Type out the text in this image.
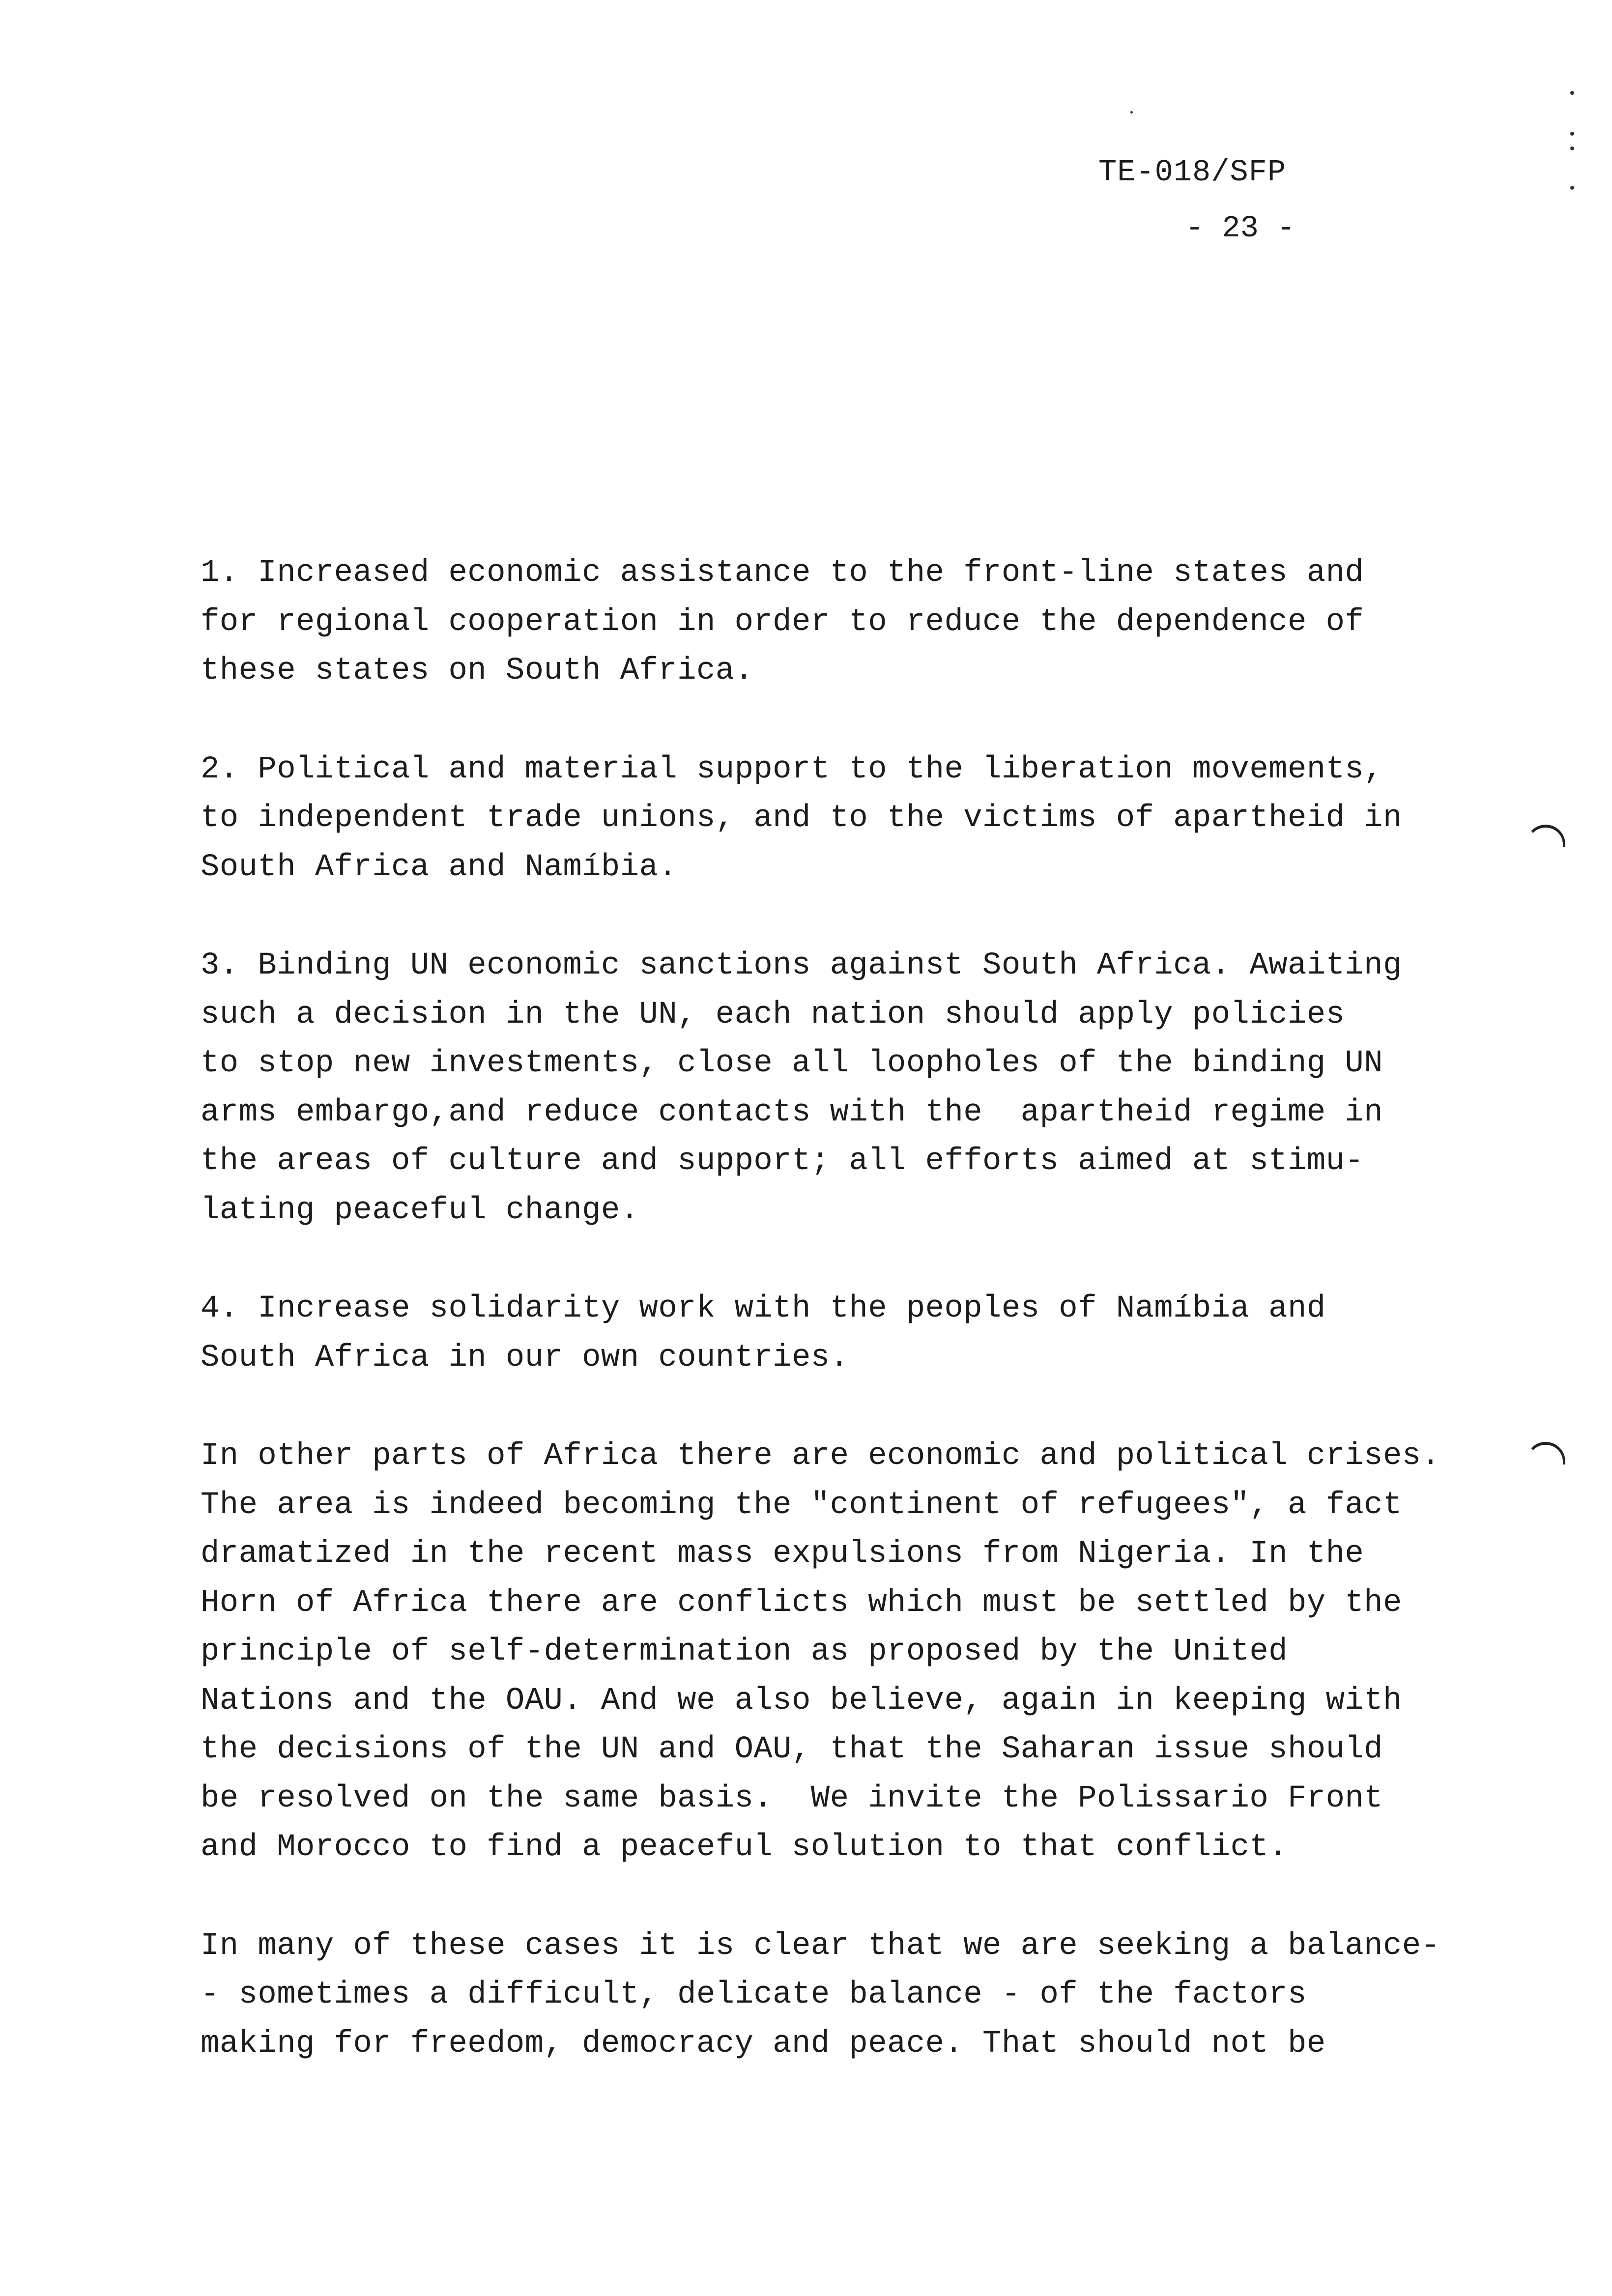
TE-018/SFP
- 23 -
1. Increased economic assistance to the front-line states and
for regional cooperation in order to reduce the dependence of
these states on South Africa.
2. Political and material support to the liberation movements,
to independent trade unions, and to the victims of apartheid in
South Africa and Namíbia.
3. Binding UN economic sanctions against South Africa. Awaiting
such a decision in the UN, each nation should apply policies
to stop new investments, close all loopholes of the binding UN
arms embargo,and reduce contacts with the  apartheid regime in
the areas of culture and support; all efforts aimed at stimu-
lating peaceful change.
4. Increase solidarity work with the peoples of Namíbia and
South Africa in our own countries.
In other parts of Africa there are economic and political crises.
The area is indeed becoming the "continent of refugees", a fact
dramatized in the recent mass expulsions from Nigeria. In the
Horn of Africa there are conflicts which must be settled by the
principle of self-determination as proposed by the United
Nations and the OAU. And we also believe, again in keeping with
the decisions of the UN and OAU, that the Saharan issue should
be resolved on the same basis.  We invite the Polissario Front
and Morocco to find a peaceful solution to that conflict.
In many of these cases it is clear that we are seeking a balance-
- sometimes a difficult, delicate balance - of the factors
making for freedom, democracy and peace. That should not be
